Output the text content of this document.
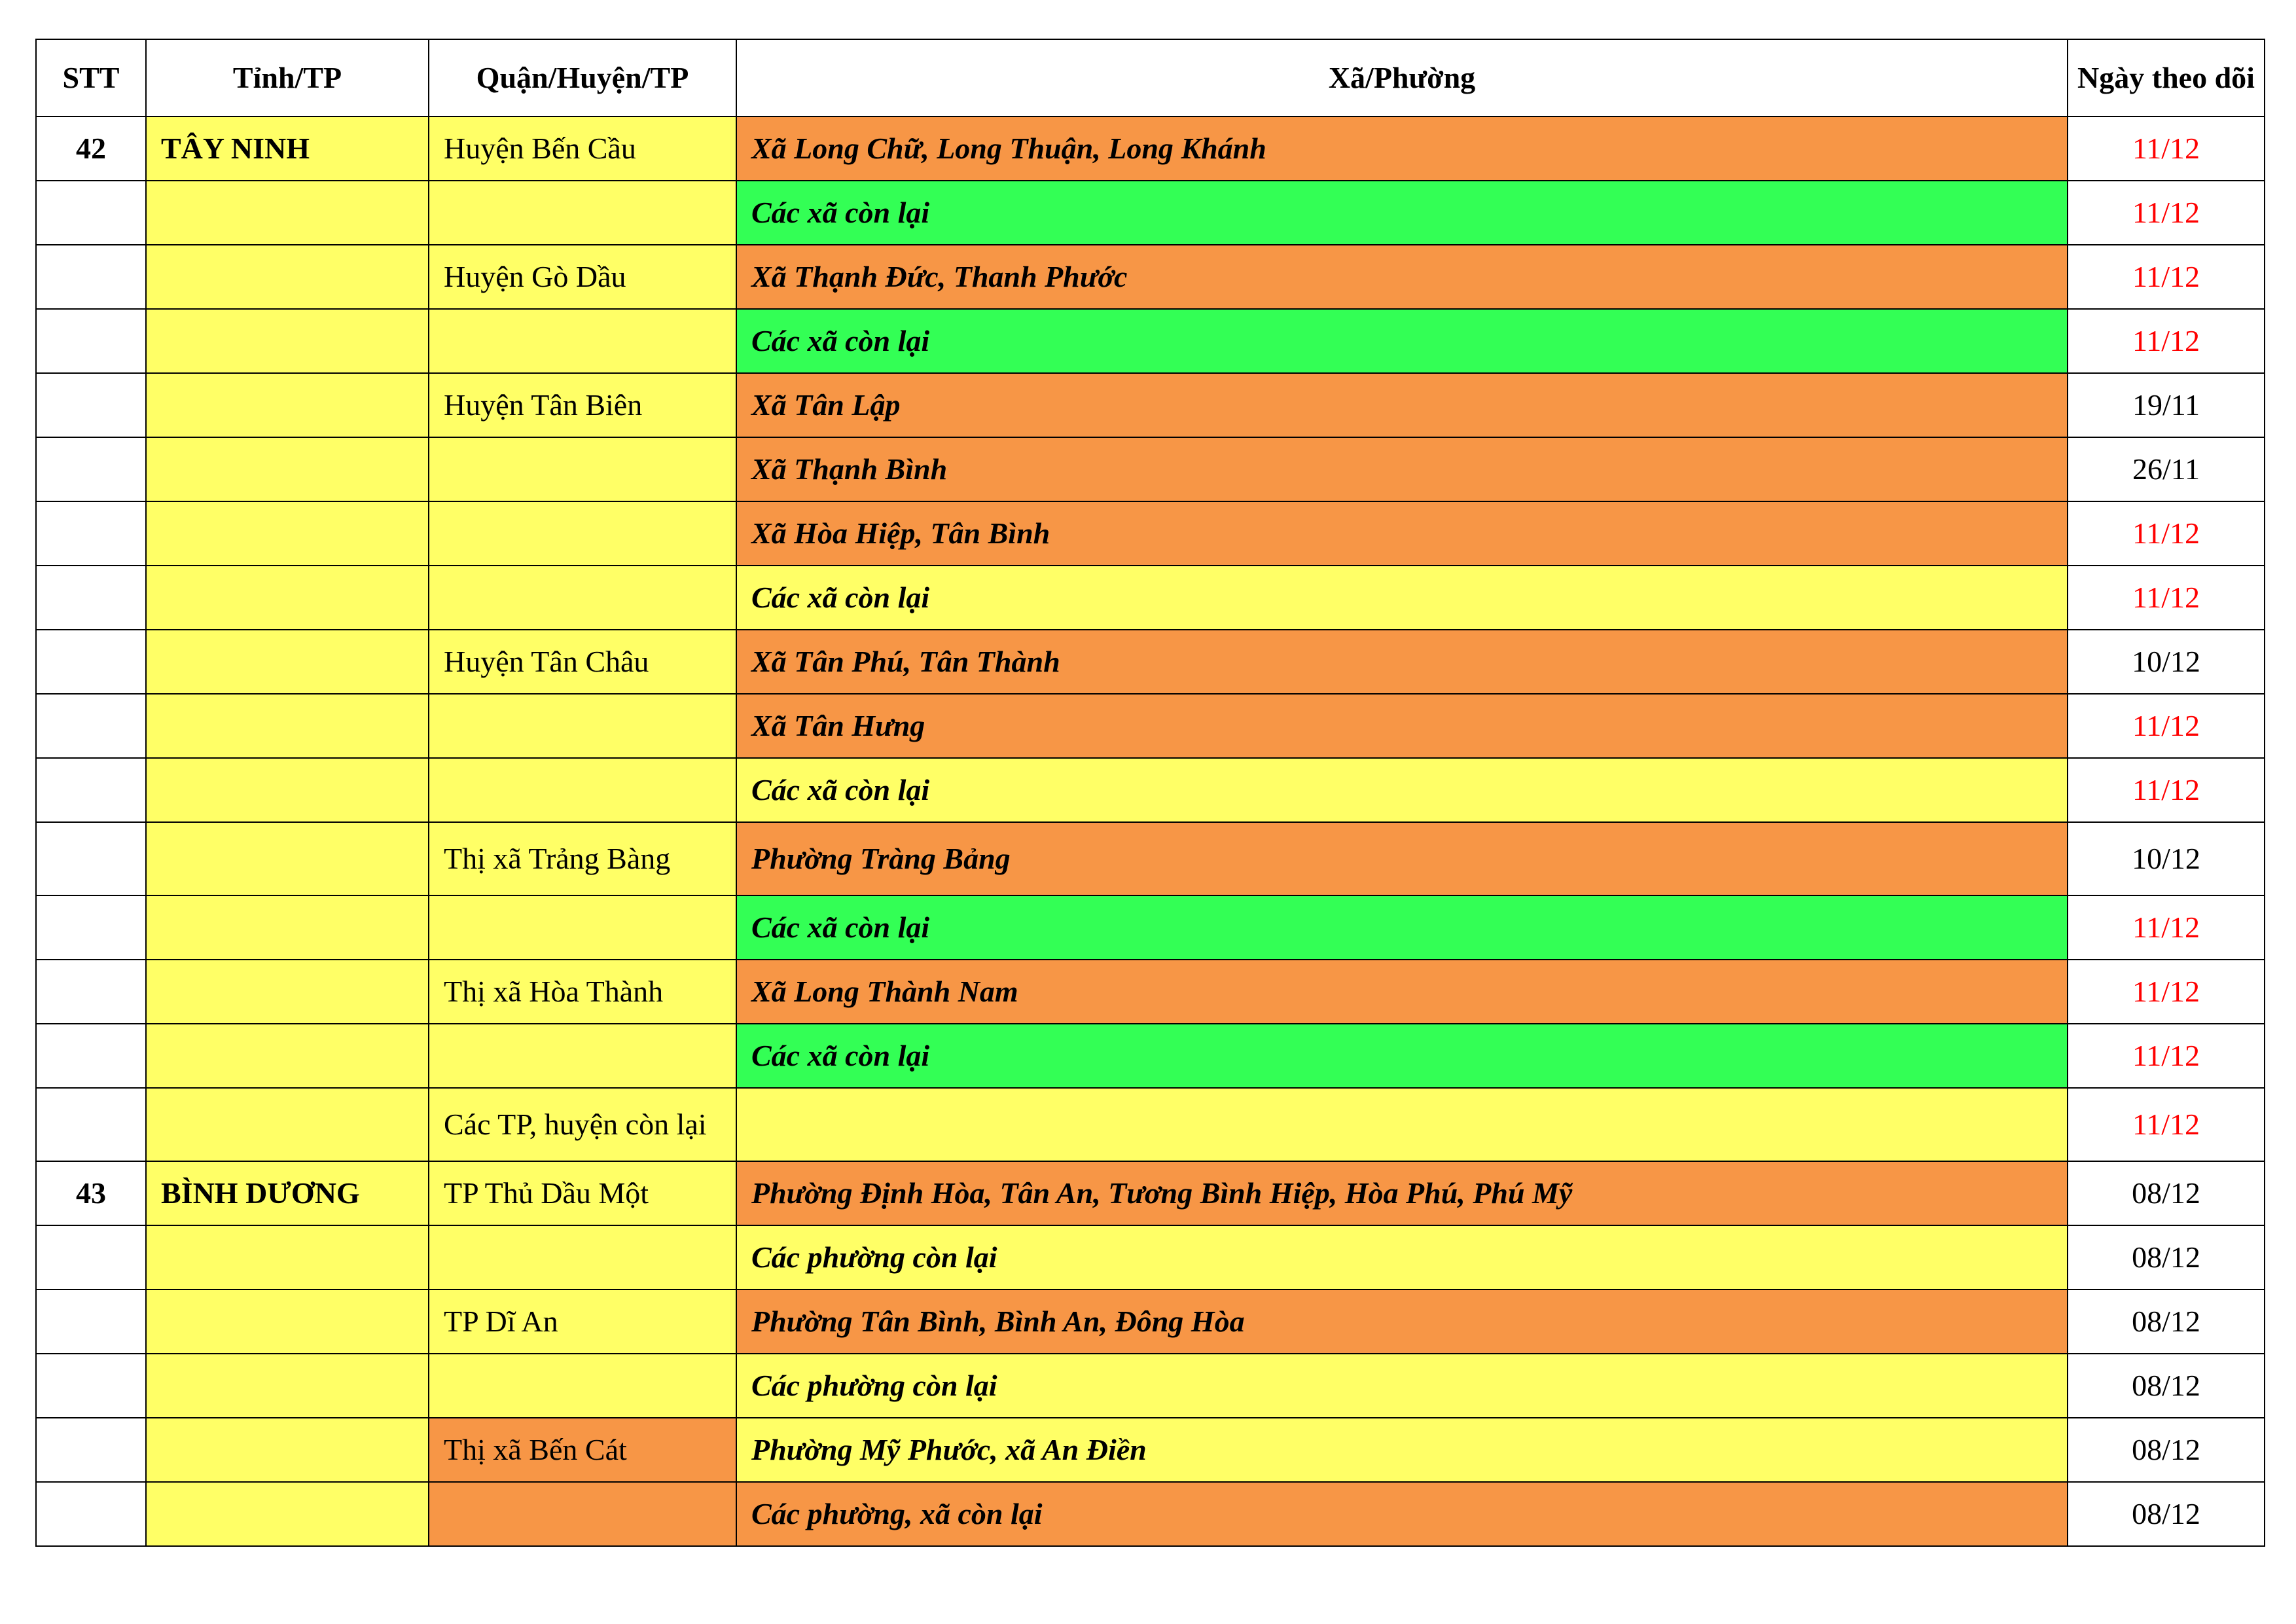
STT	Tỉnh/TP	Quận/Huyện/TP	Xã/Phường	Ngày theo dõi
42	TÂY NINH	Huyện Bến Cầu	Xã Long Chữ, Long Thuận, Long Khánh	11/12
			Các xã còn lại	11/12
		Huyện Gò Dầu	Xã Thạnh Đức, Thanh Phước	11/12
			Các xã còn lại	11/12
		Huyện Tân Biên	Xã Tân Lập	19/11
			Xã Thạnh Bình	26/11
			Xã Hòa Hiệp, Tân Bình	11/12
			Các xã còn lại	11/12
		Huyện Tân Châu	Xã Tân Phú, Tân Thành	10/12
			Xã Tân Hưng	11/12
			Các xã còn lại	11/12
		Thị xã Trảng Bàng	Phường Tràng Bảng	10/12
			Các xã còn lại	11/12
		Thị xã Hòa Thành	Xã Long Thành Nam	11/12
			Các xã còn lại	11/12
		Các TP, huyện còn lại		11/12
43	BÌNH DƯƠNG	TP Thủ Dầu Một	Phường Định Hòa, Tân An, Tương Bình Hiệp, Hòa Phú, Phú Mỹ	08/12
			Các phường còn lại	08/12
		TP Dĩ An	Phường Tân Bình, Bình An, Đông Hòa	08/12
			Các phường còn lại	08/12
		Thị xã Bến Cát	Phường Mỹ Phước, xã An Điền	08/12
			Các phường, xã còn lại	08/12
